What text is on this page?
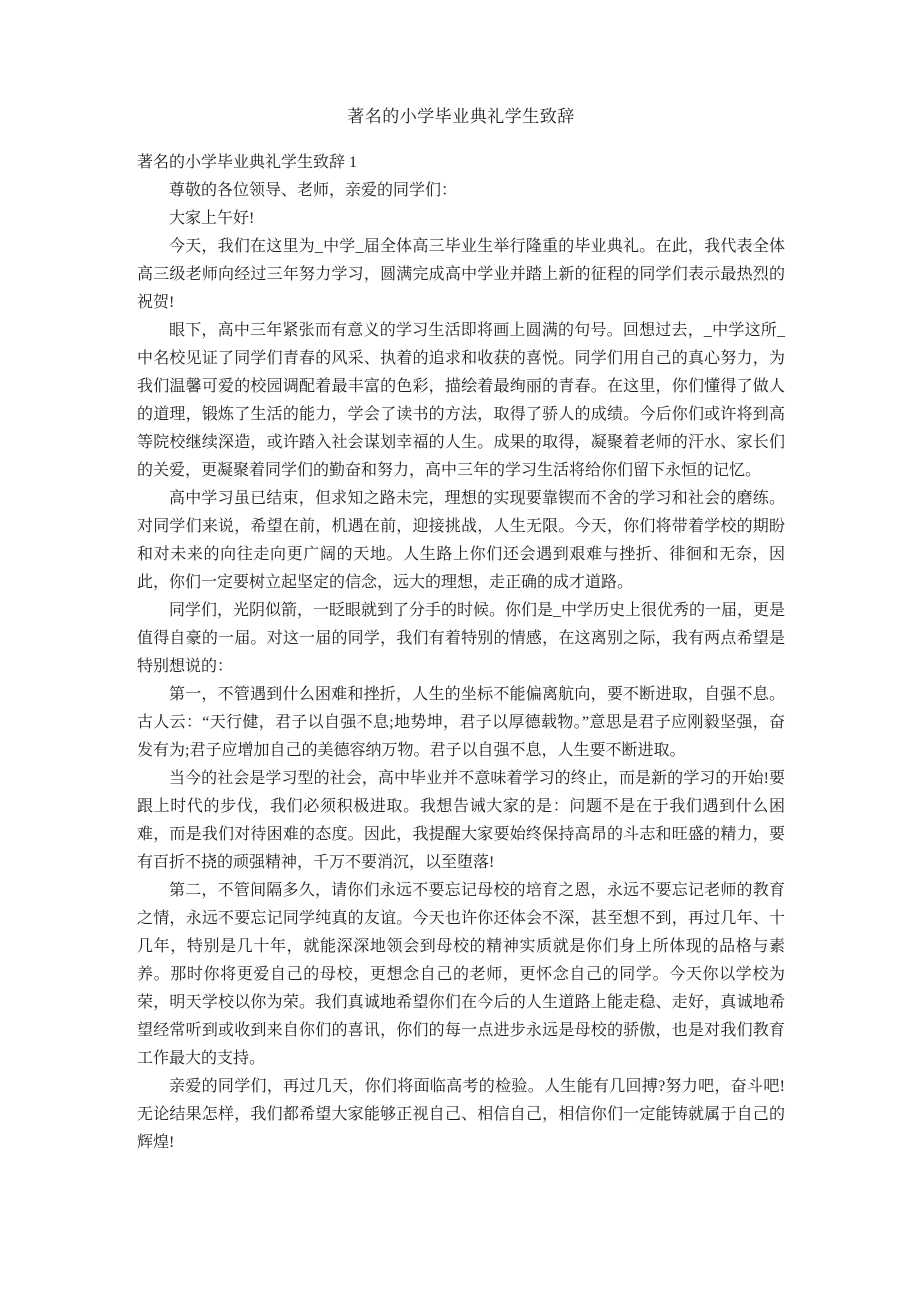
著名的小学毕业典礼学生致辞
著名的小学毕业典礼学生致辞 1

尊敬的各位领导、老师，亲爱的同学们：

大家上午好!

今天，我们在这里为_中学_届全体高三毕业生举行隆重的毕业典礼。在此，我代表全体高三级老师向经过三年努力学习，圆满完成高中学业并踏上新的征程的同学们表示最热烈的祝贺!

眼下，高中三年紧张而有意义的学习生活即将画上圆满的句号。回想过去，_中学这所_中名校见证了同学们青春的风采、执着的追求和收获的喜悦。同学们用自己的真心努力，为我们温馨可爱的校园调配着最丰富的色彩，描绘着最绚丽的青春。在这里，你们懂得了做人的道理，锻炼了生活的能力，学会了读书的方法，取得了骄人的成绩。今后你们或许将到高等院校继续深造，或许踏入社会谋划幸福的人生。成果的取得，凝聚着老师的汗水、家长们的关爱，更凝聚着同学们的勤奋和努力，高中三年的学习生活将给你们留下永恒的记忆。

高中学习虽已结束，但求知之路未完，理想的实现要靠锲而不舍的学习和社会的磨练。对同学们来说，希望在前，机遇在前，迎接挑战，人生无限。今天，你们将带着学校的期盼和对未来的向往走向更广阔的天地。人生路上你们还会遇到艰难与挫折、徘徊和无奈，因此，你们一定要树立起坚定的信念，远大的理想，走正确的成才道路。

同学们，光阴似箭，一眨眼就到了分手的时候。你们是_中学历史上很优秀的一届，更是值得自豪的一届。对这一届的同学，我们有着特别的情感，在这离别之际，我有两点希望是特别想说的：

第一，不管遇到什么困难和挫折，人生的坐标不能偏离航向，要不断进取，自强不息。古人云：“天行健，君子以自强不息;地势坤，君子以厚德载物。”意思是君子应刚毅坚强，奋发有为;君子应增加自己的美德容纳万物。君子以自强不息，人生要不断进取。

当今的社会是学习型的社会，高中毕业并不意味着学习的终止，而是新的学习的开始!要跟上时代的步伐，我们必须积极进取。我想告诫大家的是：问题不是在于我们遇到什么困难，而是我们对待困难的态度。因此，我提醒大家要始终保持高昂的斗志和旺盛的精力，要有百折不挠的顽强精神，千万不要消沉，以至堕落!

第二，不管间隔多久，请你们永远不要忘记母校的培育之恩，永远不要忘记老师的教育之情，永远不要忘记同学纯真的友谊。今天也许你还体会不深，甚至想不到，再过几年、十几年，特别是几十年，就能深深地领会到母校的精神实质就是你们身上所体现的品格与素养。那时你将更爱自己的母校，更想念自己的老师，更怀念自己的同学。今天你以学校为荣，明天学校以你为荣。我们真诚地希望你们在今后的人生道路上能走稳、走好，真诚地希望经常听到或收到来自你们的喜讯，你们的每一点进步永远是母校的骄傲，也是对我们教育工作最大的支持。

亲爱的同学们，再过几天，你们将面临高考的检验。人生能有几回搏?努力吧，奋斗吧!无论结果怎样，我们都希望大家能够正视自己、相信自己，相信你们一定能铸就属于自己的辉煌!
